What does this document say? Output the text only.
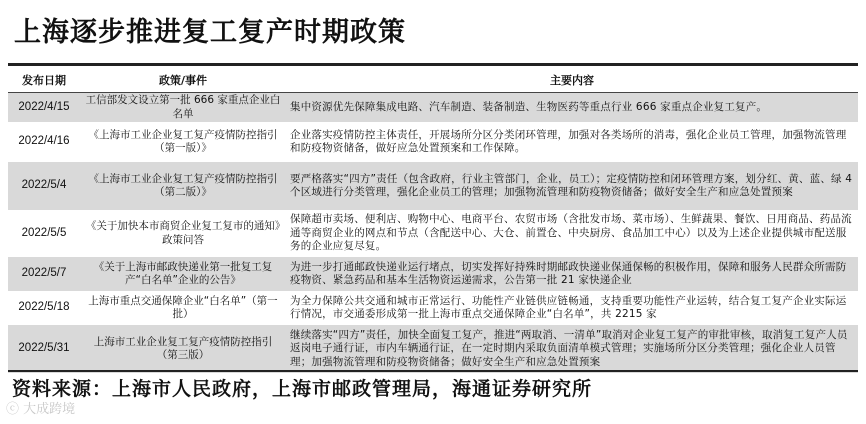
上海逐步推进复工复产时期政策
发布日期	政策/事件	主要内容
2022/4/15	工信部发文设立第一批 666 家重点企业白名单	集中资源优先保障集成电路、汽车制造、装备制造、生物医药等重点行业 666 家重点企业复工复产。
2022/4/16	《上海市工业企业复工复产疫情防控指引（第一版）》	企业落实疫情防控主体责任，开展场所分区分类闭环管理，加强对各类场所的消毒，强化企业员工管理，加强物流管理和防疫物资储备，做好应急处置预案和工作保障。
2022/5/4	《上海市工业企业复工复产疫情防控指引（第二版）》	要严格落实“四方”责任（包含政府，行业主管部门，企业，员工）；定疫情防控和闭环管理方案，划分红、黄、蓝、绿 4 个区域进行分类管理，强化企业员工的管理；加强物流管理和防疫物资储备；做好安全生产和应急处置预案
2022/5/5	《关于加快本市商贸企业复工复市的通知》政策问答	保障超市卖场、便利店、购物中心、电商平台、农贸市场（含批发市场、菜市场）、生鲜蔬果、餐饮、日用商品、药品流通等商贸企业的网点和节点（含配送中心、大仓、前置仓、中央厨房、食品加工中心）以及为上述企业提供城市配送服务的企业应复尽复。
2022/5/7	《关于上海市邮政快递业第一批复工复产“白名单”企业的公告》	为进一步打通邮政快递业运行堵点，切实发挥好持殊时期邮政快递业保通保畅的积极作用，保障和服务人民群众所需防疫物资、紧急药品和基本生活物资运递需求，公告第一批 21 家快递企业
2022/5/18	上海市重点交通保障企业“白名单”（第一批）	为全力保障公共交通和城市正常运行、功能性产业链供应链畅通，支持重要功能性产业运转，结合复工复产企业实际运行情况，市交通委形成第一批上海市重点交通保障企业“白名单”，共 2215 家
2022/5/31	上海市工业企业复工复产疫情防控指引（第三版）	继续落实“四方”责任，加快全面复工复产，推进“两取消、一清单”取消对企业复工复产的审批审核，取消复工复产人员返岗电子通行证，市内车辆通行证，在一定时期内采取负面清单模式管理；实施场所分区分类管理；强化企业人员管理；加强物流管理和防疫物资储备；做好安全生产和应急处置预案
资料来源：上海市人民政府，上海市邮政管理局，海通证券研究所
ⓒ 大成跨境
